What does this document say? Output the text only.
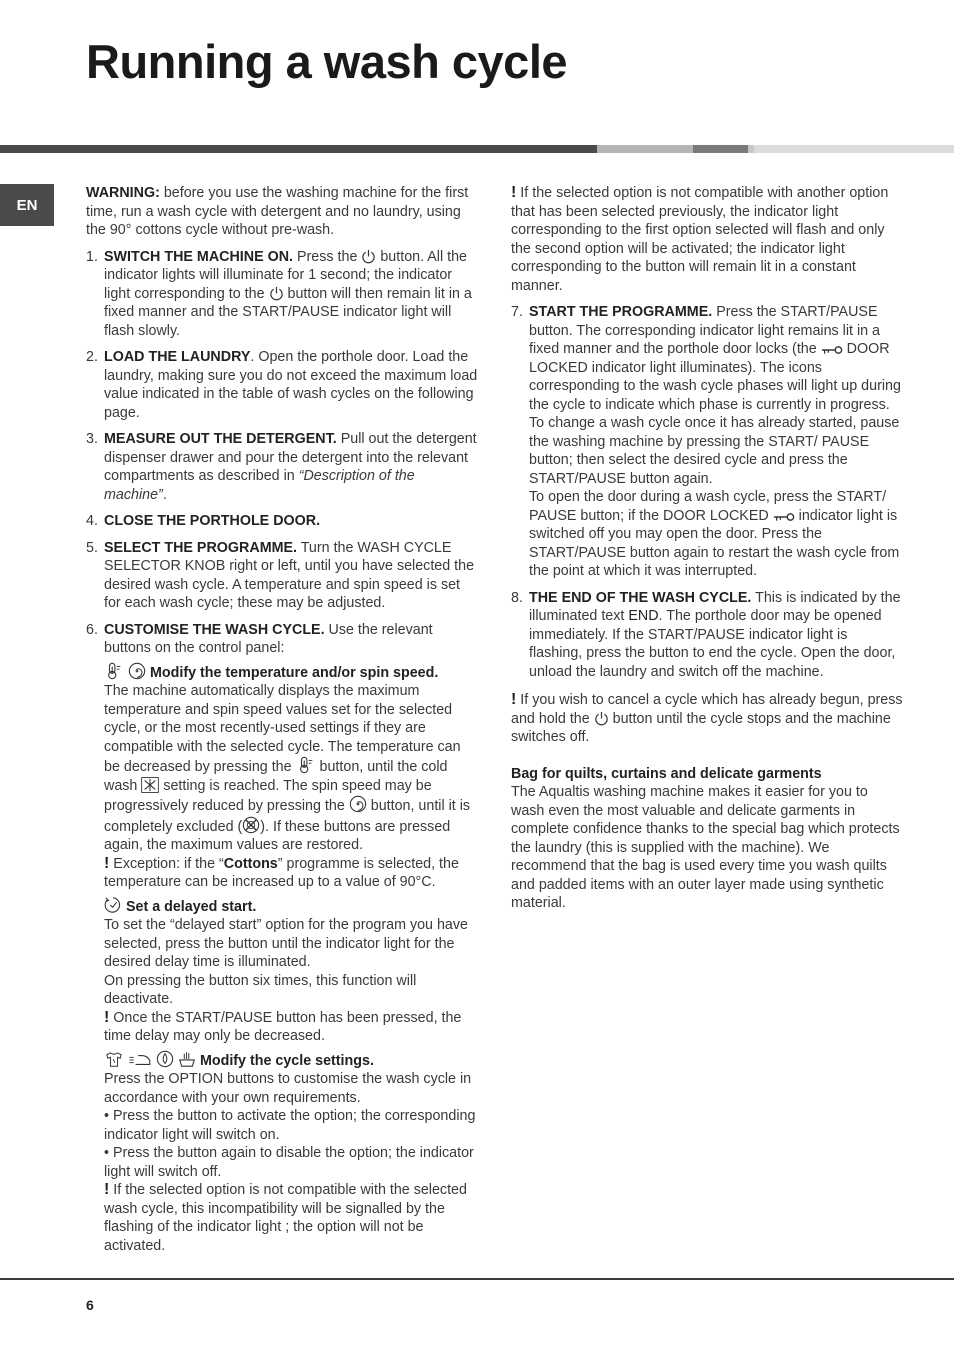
Running a wash cycle
EN

WARNING: before you use the washing machine for the first time, run a wash cycle with detergent and no laundry, using the 90° cottons cycle without pre-wash.

1. SWITCH THE MACHINE ON. Press the
button. All the indicator lights will illuminate for 1 second; the indicator light corresponding to the
button will then remain lit in a fixed manner and the START/PAUSE indicator light will flash slowly.
2. LOAD THE LAUNDRY. Open the porthole door. Load the laundry, making sure you do not exceed the maximum load value indicated in the table of wash cycles on the following page.
3. MEASURE OUT THE DETERGENT. Pull out the detergent dispenser drawer and pour the detergent into the relevant compartments as described in “Description of the machine”.
4. CLOSE THE PORTHOLE DOOR.
5. SELECT THE PROGRAMME. Turn the WASH CYCLE SELECTOR KNOB right or left, until you have selected the desired wash cycle. A temperature and spin speed is set for each wash cycle; these may be adjusted.
6. CUSTOMISE THE WASH CYCLE. Use the relevant buttons on the control panel:

Modify the temperature and/or spin speed.

The machine automatically displays the maximum temperature and spin speed values set for the selected cycle, or the most recently-used settings if they are compatible with the selected cycle. The temperature can be decreased by pressing the
button, until the cold wash
setting is reached. The spin speed may be progressively reduced by pressing the
button, until it is completely excluded ( ). If these buttons are pressed again, the maximum values are restored.

! Exception: if the “Cottons” programme is selected, the temperature can be increased up to a value of 90°C.

Set a delayed start.

To set the “delayed start” option for the program you have selected, press the button until the indicator light for the desired delay time is illuminated.

On pressing the button six times, this function will deactivate.

! Once the START/PAUSE button has been pressed, the time delay may only be decreased.

Modify the cycle settings.

Press the OPTION buttons to customise the wash cycle in accordance with your own requirements.

• Press the button to activate the option; the corresponding indicator light will switch on.

• Press the button again to disable the option; the indicator light will switch off.

! If the selected option is not compatible with the selected wash cycle, this incompatibility will be signalled by the flashing of the indicator light ; the option will not be activated.

! If the selected option is not compatible with another option that has been selected previously, the indicator light corresponding to the first option selected will flash and only the second option will be activated; the indicator light corresponding to the button will remain lit in a constant manner.

7. START THE PROGRAMME. Press the START/PAUSE button. The corresponding indicator light remains lit in a fixed manner and the porthole door locks (the
DOOR LOCKED indicator light illuminates). The icons corresponding to the wash cycle phases will light up during the cycle to indicate which phase is currently in progress.

To change a wash cycle once it has already started, pause the washing machine by pressing the START/ PAUSE button; then select the desired cycle and press the START/PAUSE button again.

To open the door during a wash cycle, press the START/ PAUSE button; if the DOOR LOCKED
indicator light is switched off you may open the door. Press the START/PAUSE button again to restart the wash cycle from the point at which it was interrupted.

8. THE END OF THE WASH CYCLE. This is indicated by the illuminated text END. The porthole door may be opened immediately. If the START/PAUSE indicator light is flashing, press the button to end the cycle. Open the door, unload the laundry and switch off the machine.

! If you wish to cancel a cycle which has already begun, press and hold the
button until the cycle stops and the machine switches off.

Bag for quilts, curtains and delicate garments

The Aqualtis washing machine makes it easier for you to wash even the most valuable and delicate garments in complete confidence thanks to the special bag which protects the laundry (this is supplied with the machine). We recommend that the bag is used every time you wash quilts and padded items with an outer layer made using synthetic material.

6
